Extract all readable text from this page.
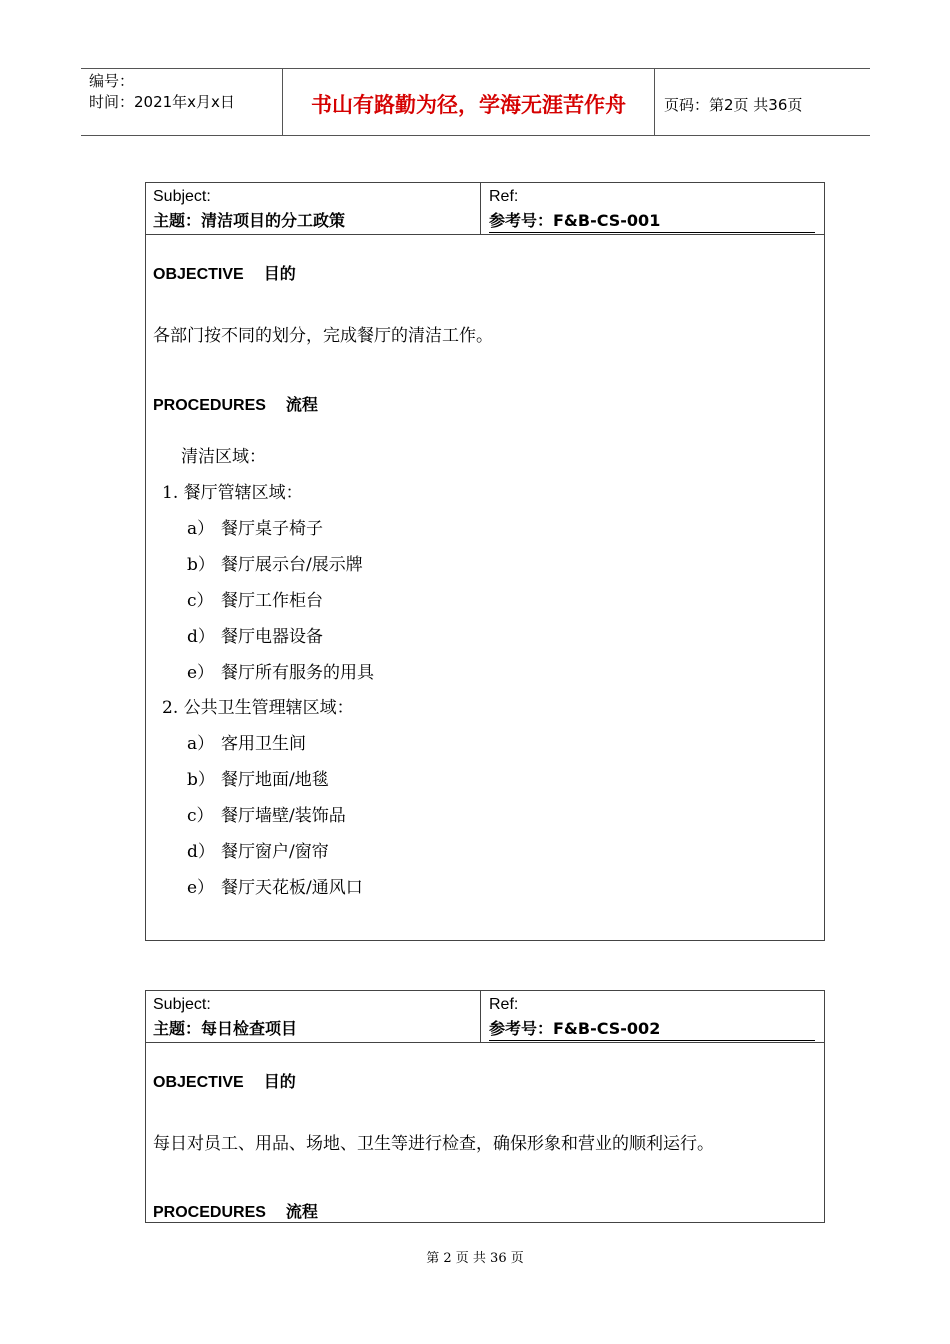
编号：
时间：2021年x月x日	书山有路勤为径，学海无涯苦作舟	页码：第2页 共36页
Subject:
主题：清洁项目的分工政策
Ref:
参考号：F&B-CS-001
OBJECTIVE 目的
各部门按不同的划分，完成餐厅的清洁工作。
PROCEDURES 流程
清洁区域：
1. 餐厅管辖区域：
a） 餐厅桌子椅子
b） 餐厅展示台/展示牌
c） 餐厅工作柜台
d） 餐厅电器设备
e） 餐厅所有服务的用具
2. 公共卫生管理辖区域：
a） 客用卫生间
b） 餐厅地面/地毯
c） 餐厅墙壁/装饰品
d） 餐厅窗户/窗帘
e） 餐厅天花板/通风口
Subject:
主题：每日检查项目
Ref:
参考号：F&B-CS-002
OBJECTIVE 目的
每日对员工、用品、场地、卫生等进行检查，确保形象和营业的顺利运行。
PROCEDURES 流程
第 2 页 共 36 页
